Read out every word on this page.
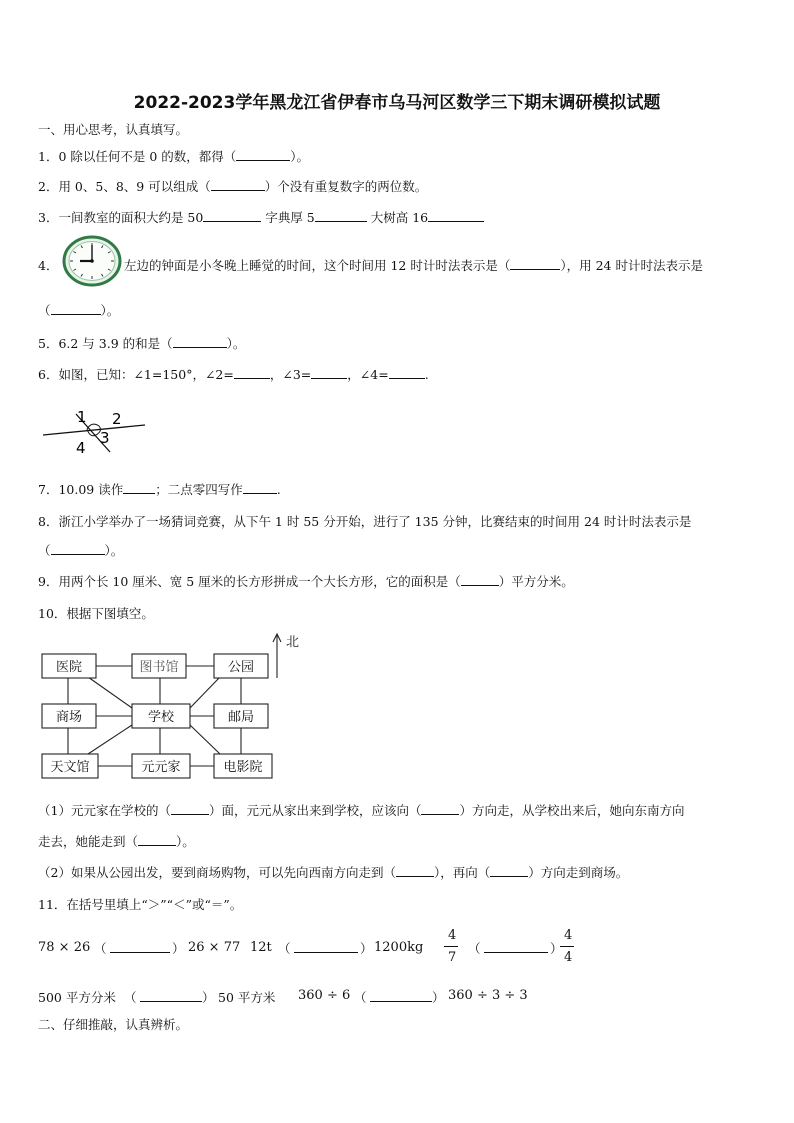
2022-2023学年黑龙江省伊春市乌马河区数学三下期末调研模拟试题
一、用心思考，认真填写。
1．0 除以任何不是 0 的数，都得（	）。
2．用 0、5、8、9 可以组成（	）个没有重复数字的两位数。
3．一间教室的面积大约是 50	字典厚 5	大树高 16
4．	左边的钟面是小冬晚上睡觉的时间，这个时间用 12 时计时法表示是（	），用 24 时计时法表示是
（	）。
5．6.2 与 3.9 的和是（	）。
6．如图，已知：∠1=150°，∠2=	，∠3=	，∠4=	.
1 2
3
4
7．10.09 读作	；二点零四写作	.
8．浙江小学举办了一场猜词竞赛，从下午 1 时 55 分开始，进行了 135 分钟，比赛结束的时间用 24 时计时法表示是
（	）。
9．用两个长 10 厘米、宽 5 厘米的长方形拼成一个大长方形，它的面积是（	）平方分米。
10．根据下图填空。
北
医院	图书馆	公园
商场	学校	邮局
天文馆	元元家	电影院
（1）元元家在学校的（	）面，元元从家出来到学校，应该向（	）方向走，从学校出来后，她向东南方向
走去，她能走到（	）。
（2）如果从公园出发，要到商场购物，可以先向西南方向走到（	），再向（	）方向走到商场。
11．在括号里填上“＞”“＜”或“＝”。
78 × 26 （	） 26 × 77 12t （	） 1200kg
4
7
（	）
4
4
500 平方分米 （	） 50 平方米 360 ÷ 6 （	） 360 ÷ 3 ÷ 3
二、仔细推敲，认真辨析。
